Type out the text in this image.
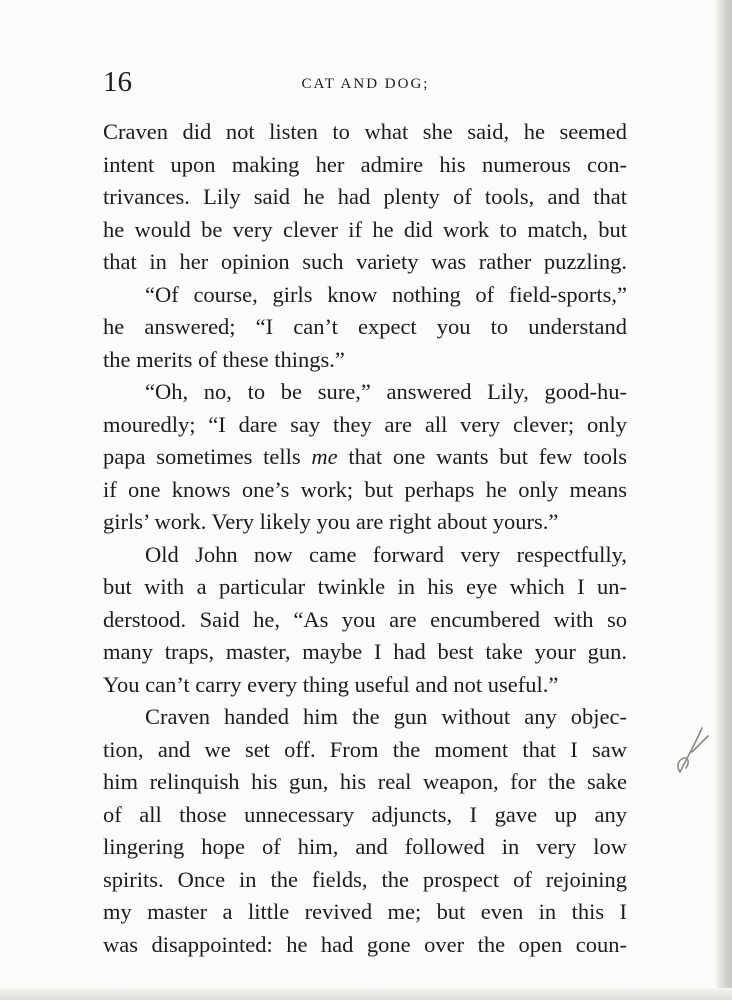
16	CAT AND DOG;
Craven did not listen to what she said, he seemed
intent upon making her admire his numerous con-
trivances. Lily said he had plenty of tools, and that
he would be very clever if he did work to match, but
that in her opinion such variety was rather puzzling.
“Of course, girls know nothing of field-sports,”
he answered; “I can’t expect you to understand
the merits of these things.”
“Oh, no, to be sure,” answered Lily, good-hu-
mouredly; “I dare say they are all very clever; only
papa sometimes tells me that one wants but few tools
if one knows one’s work; but perhaps he only means
girls’ work. Very likely you are right about yours.”
Old John now came forward very respectfully,
but with a particular twinkle in his eye which I un-
derstood. Said he, “As you are encumbered with so
many traps, master, maybe I had best take your gun.
You can’t carry every thing useful and not useful.”
Craven handed him the gun without any objec-
tion, and we set off. From the moment that I saw
him relinquish his gun, his real weapon, for the sake
of all those unnecessary adjuncts, I gave up any
lingering hope of him, and followed in very low
spirits. Once in the fields, the prospect of rejoining
my master a little revived me; but even in this I
was disappointed: he had gone over the open coun-
